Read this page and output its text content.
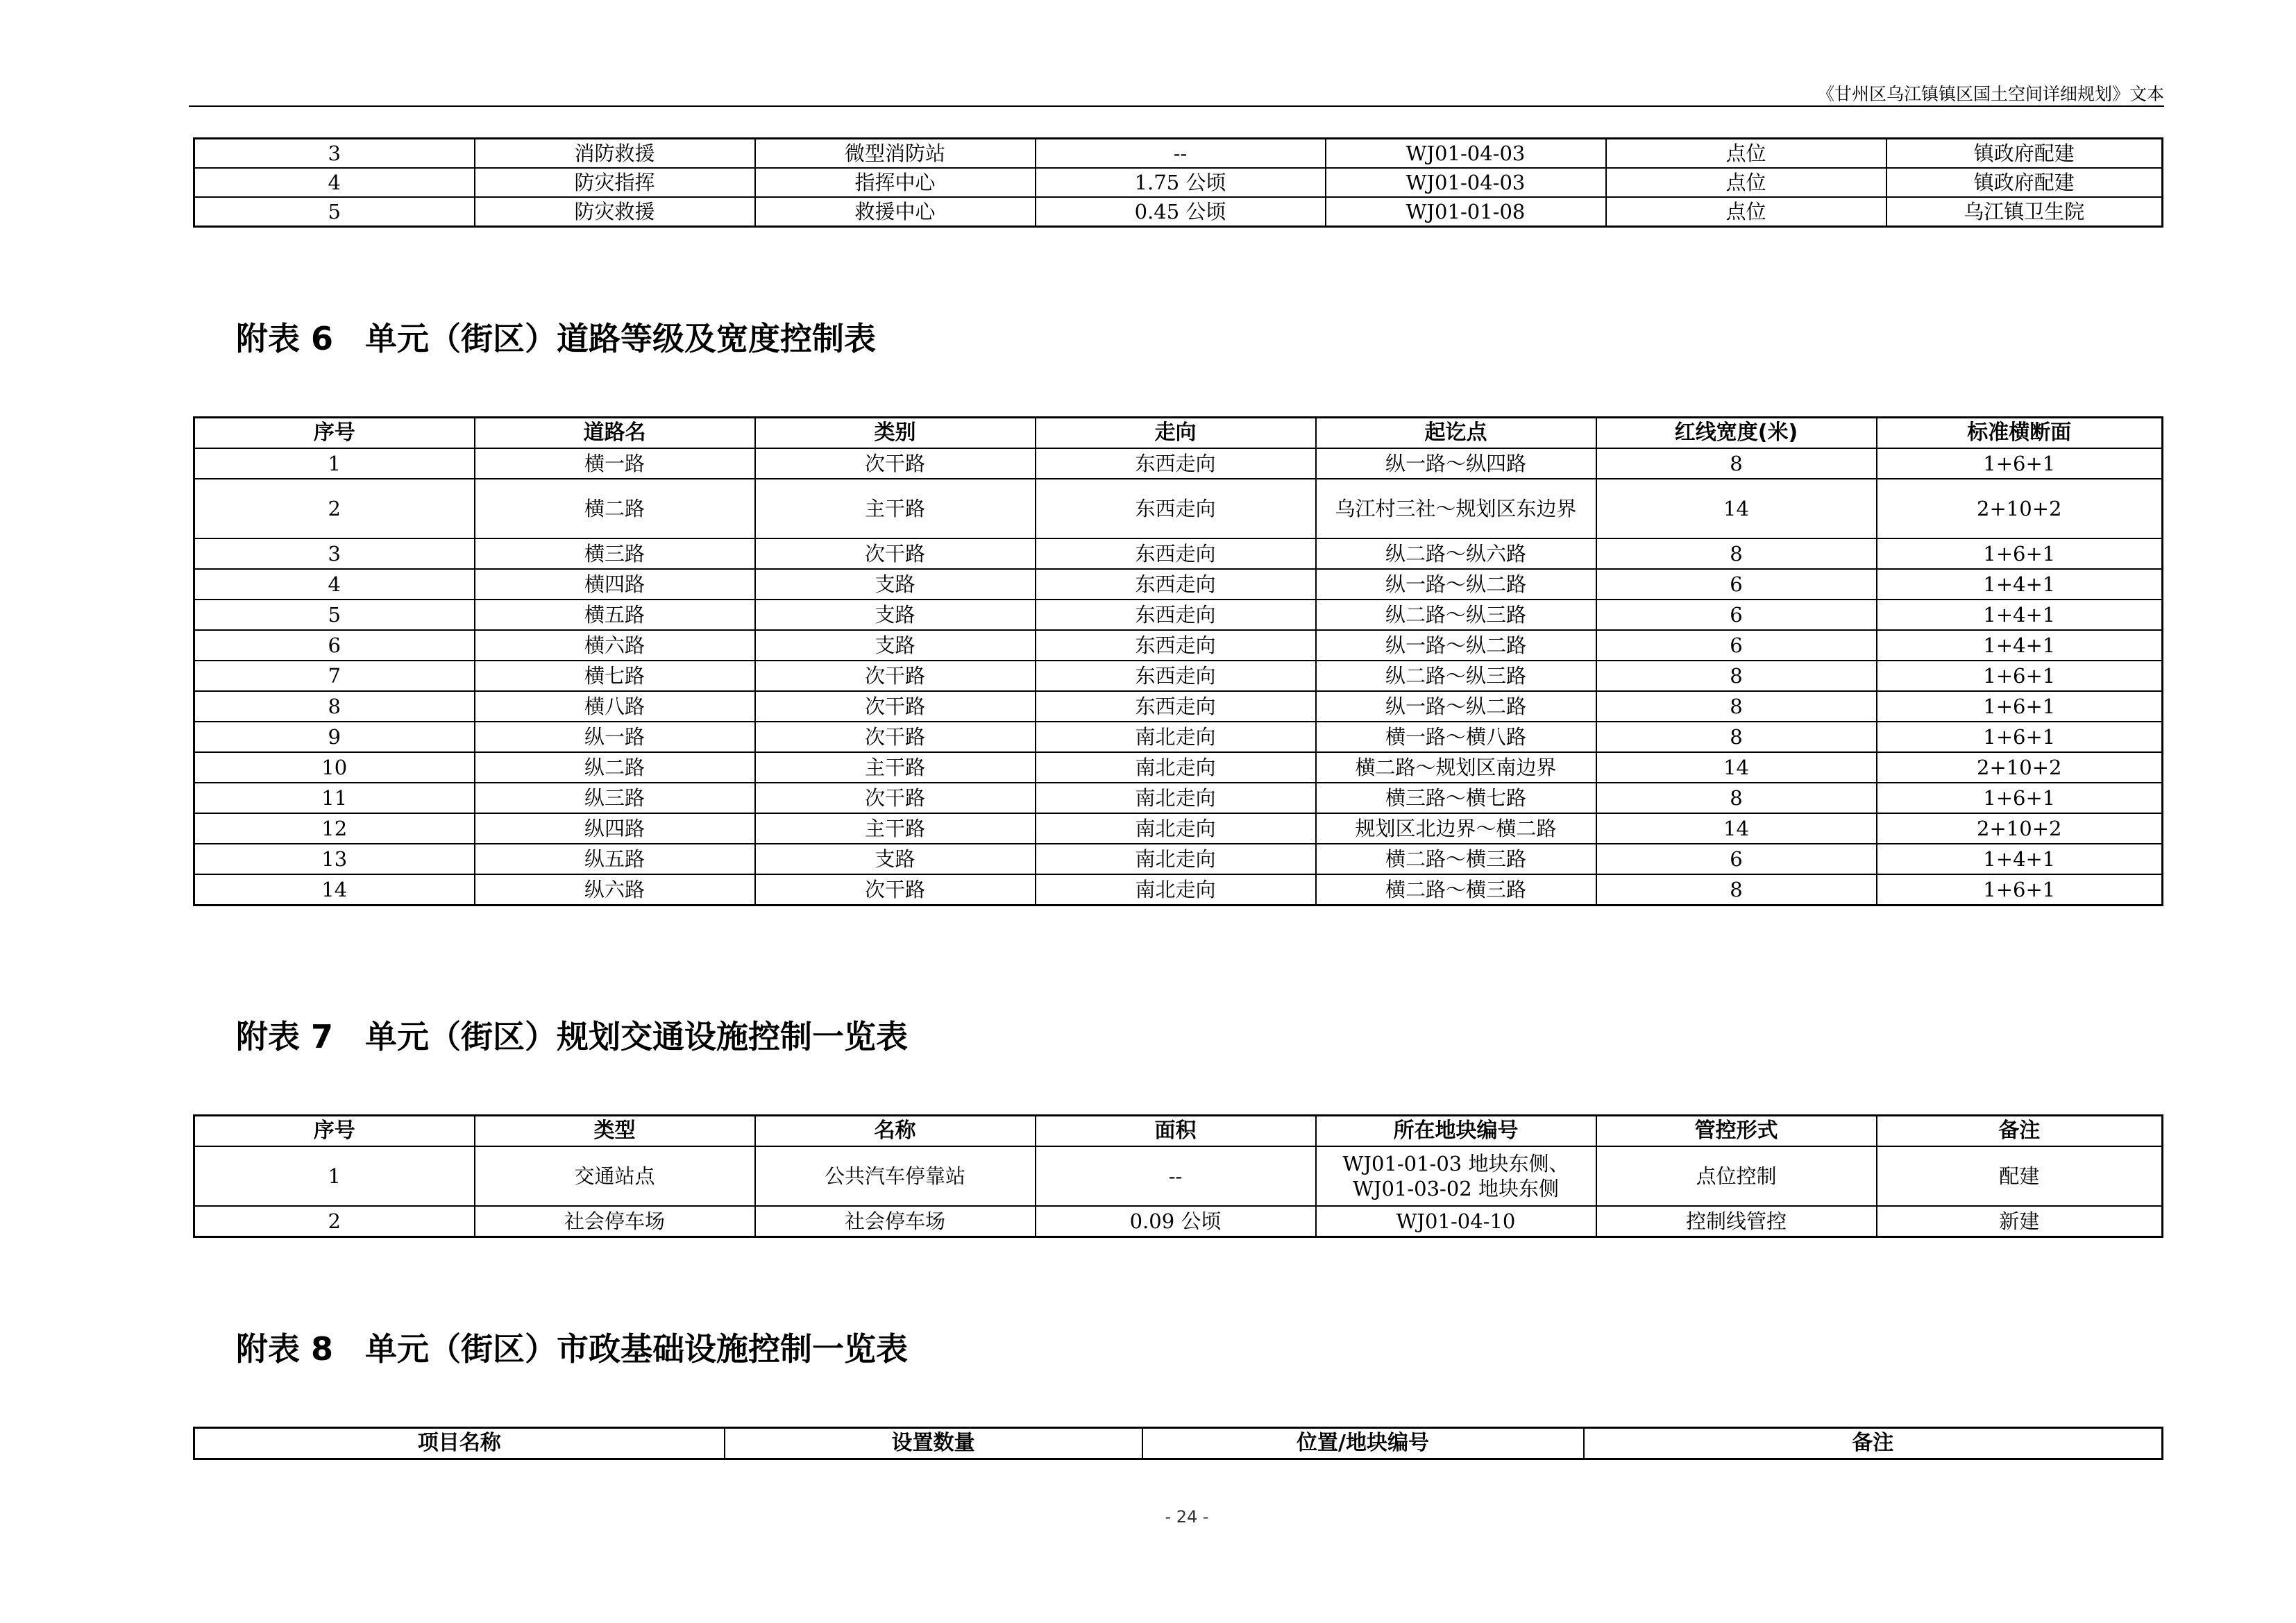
《甘州区乌江镇镇区国土空间详细规划》文本
3	消防救援	微型消防站	--	WJ01-04-03	点位	镇政府配建
4	防灾指挥	指挥中心	1.75 公顷	WJ01-04-03	点位	镇政府配建
5	防灾救援	救援中心	0.45 公顷	WJ01-01-08	点位	乌江镇卫生院
附表 6　单元（街区）道路等级及宽度控制表
序号	道路名	类别	走向	起讫点	红线宽度(米)	标准横断面
1	横一路	次干路	东西走向	纵一路～纵四路	8	1+6+1
2	横二路	主干路	东西走向	乌江村三社～规划区东边界	14	2+10+2
3	横三路	次干路	东西走向	纵二路～纵六路	8	1+6+1
4	横四路	支路	东西走向	纵一路～纵二路	6	1+4+1
5	横五路	支路	东西走向	纵二路～纵三路	6	1+4+1
6	横六路	支路	东西走向	纵一路～纵二路	6	1+4+1
7	横七路	次干路	东西走向	纵二路～纵三路	8	1+6+1
8	横八路	次干路	东西走向	纵一路～纵二路	8	1+6+1
9	纵一路	次干路	南北走向	横一路～横八路	8	1+6+1
10	纵二路	主干路	南北走向	横二路～规划区南边界	14	2+10+2
11	纵三路	次干路	南北走向	横三路～横七路	8	1+6+1
12	纵四路	主干路	南北走向	规划区北边界～横二路	14	2+10+2
13	纵五路	支路	南北走向	横二路～横三路	6	1+4+1
14	纵六路	次干路	南北走向	横二路～横三路	8	1+6+1
附表 7　单元（街区）规划交通设施控制一览表
序号	类型	名称	面积	所在地块编号	管控形式	备注
1	交通站点	公共汽车停靠站	--	WJ01-01-03 地块东侧、WJ01-03-02 地块东侧	点位控制	配建
2	社会停车场	社会停车场	0.09 公顷	WJ01-04-10	控制线管控	新建
附表 8　单元（街区）市政基础设施控制一览表
项目名称	设置数量	位置/地块编号	备注
- 24 -
